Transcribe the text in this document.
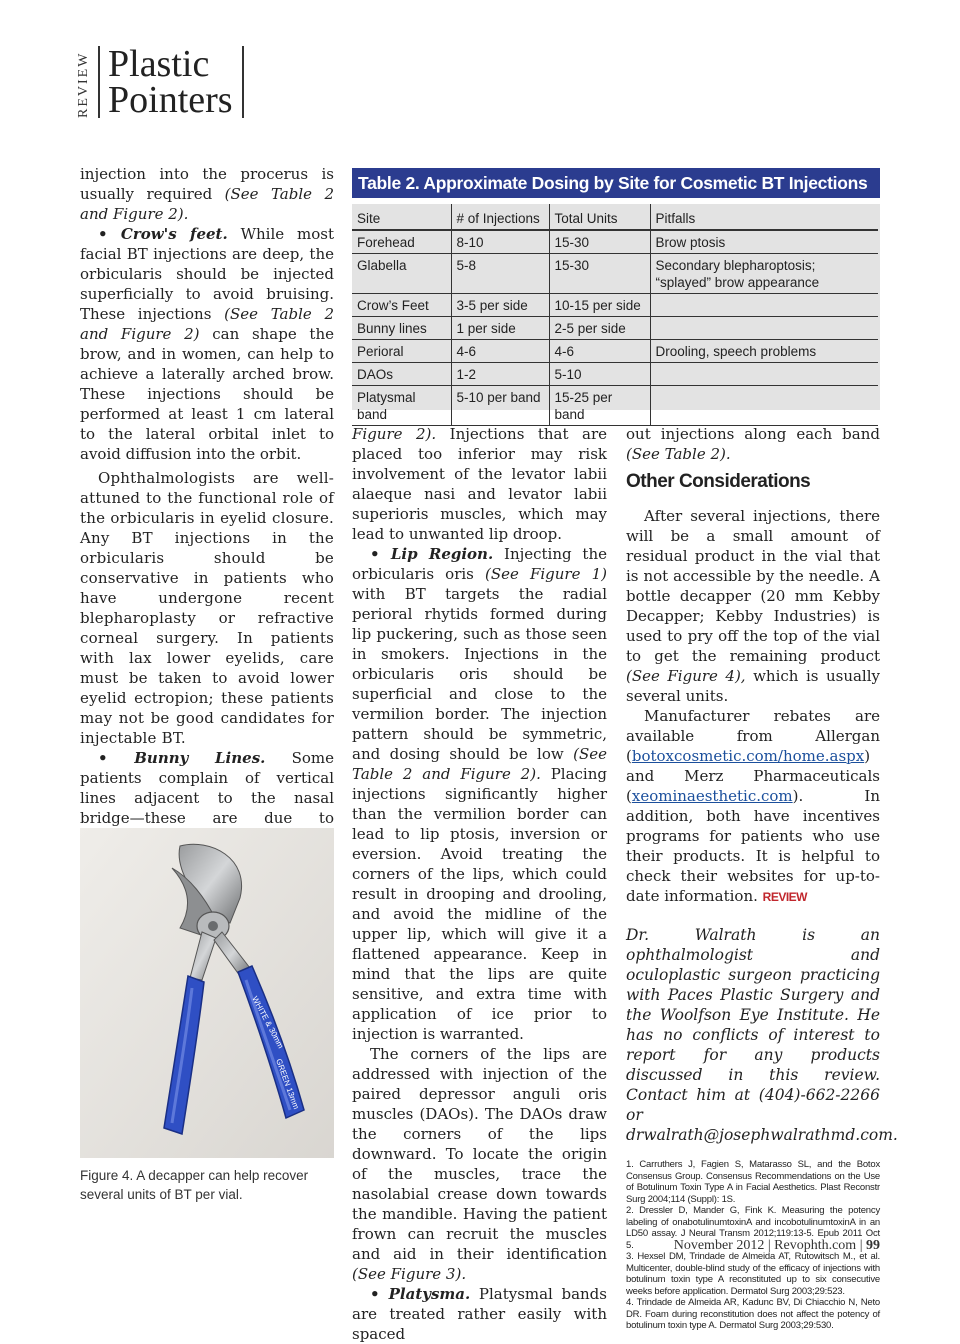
REVIEW Plastic
Pointers

injection into the procerus is usually required (See Table 2 and Figure 2).

• Crow's feet. While most facial BT injections are deep, the orbicularis should be injected superficially to avoid bruising. These injections (See Table 2 and Figure 2) can shape the brow, and in women, can help to achieve a laterally arched brow. These injections should be performed at least 1 cm lateral to the lateral orbital inlet to avoid diffusion into the orbit.

Ophthalmologists are well-attuned to the functional role of the orbicularis in eyelid closure. Any BT injections in the orbicularis should be conservative in patients who have undergone recent blepharoplasty or refractive corneal surgery. In patients with lax lower eyelids, care must be taken to avoid lower eyelid ectropion; these patients may not be good candidates for injectable BT.

• Bunny Lines. Some patients complain of vertical lines adjacent to the nasal bridge—these are due to

Table 2. Approximate Dosing by Site for Cosmetic BT Injections
Site	# of Injections	Total Units	Pitfalls
Forehead	8-10	15-30	Brow ptosis
Glabella	5-8	15-30	Secondary blepharoptosis; “splayed” brow appearance
Crow’s Feet	3-5 per side	10-15 per side	
Bunny lines	1 per side	2-5 per side	
Perioral	4-6	4-6	Drooling, speech problems
DAOs	1-2	5-10	
Platysmal band	5-10 per band	15-25 per band	

Figure 2). Injections that are placed too inferior may risk involvement of the levator labii alaeque nasi and levator labii superioris muscles, which may lead to unwanted lip droop.

• Lip Region. Injecting the orbicularis oris (See Figure 1) with BT targets the radial perioral rhytids formed during lip puckering, such as those seen in smokers. Injections in the orbicularis oris should be superficial and close to the vermilion border. The injection pattern should be symmetric, and dosing should be low (See Table 2 and Figure 2). Placing injections significantly higher than the vermilion border can lead to lip ptosis, inversion or eversion. Avoid treating the corners of the lips, which could result in drooping and drooling, and avoid the midline of the upper lip, which will give it a flattened appearance. Keep in mind that the lips are quite sensitive, and extra time with application of ice prior to injection is warranted.

The corners of the lips are addressed with injection of the paired depressor anguli oris muscles (DAOs). The DAOs draw the corners of the lips downward. To locate the origin of the muscles, trace the nasolabial crease down towards the mandible. Having the patient frown can recruit the muscles and aid in their identification (See Figure 3).

• Platysma. Platysmal bands are treated rather easily with spaced

out injections along each band (See Table 2).

Other Considerations

After several injections, there will be a small amount of residual product in the vial that is not accessible by the needle. A bottle decapper (20 mm Kebby Decapper; Kebby Industries) is used to pry off the top of the vial to get the remaining product (See Figure 4), which is usually several units.

Manufacturer rebates are available from Allergan (botoxcosmetic.com/home.aspx) and Merz Pharmaceuticals (xeominaesthetic.com). In addition, both have incentives programs for patients who use their products. It is helpful to check their websites for up-to-date information. REVIEW

Dr. Walrath is an ophthalmologist and oculoplastic surgeon practicing with Paces Plastic Surgery and the Woolfson Eye Institute. He has no conflicts of interest to report for any products discussed in this review. Contact him at (404)-662-2266 or drwalrath@josephwalrathmd.com.
1. Carruthers J, Fagien S, Matarasso SL, and the Botox Consensus Group. Consensus Recommendations on the Use of Botulinum Toxin Type A in Facial Aesthetics. Plast Reconstr Surg 2004;114 (Suppl): 1S.
2. Dressler D, Mander G, Fink K. Measuring the potency labeling of onabotulinumtoxinA and incobotulinumtoxinA in an LD50 assay. J Neural Transm 2012;119:13-5. Epub 2011 Oct 5.
3. Hexsel DM, Trindade de Almeida AT, Rutowitsch M., et al. Multicenter, double-blind study of the efficacy of injections with botulinum toxin type A reconstituted up to six consecutive weeks before application. Dermatol Surg 2003;29:523.
4. Trindade de Almeida AR, Kadunc BV, Di Chiacchio N, Neto DR. Foam during reconstitution does not affect the potency of botulinum toxin type A. Dermatol Surg 2003;29:530.
WHITE & 30mm
GREEN 13mm
Figure 4. A decapper can help recover several units of BT per vial.
November 2012 | Revophth.com | 99
